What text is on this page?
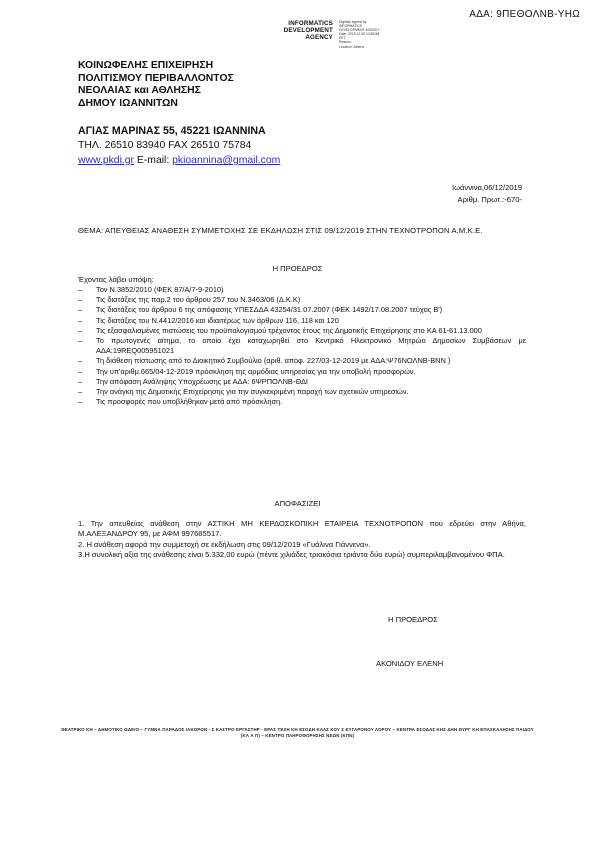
ΑΔΑ: 9ΠΕΘΟΛΝΒ-ΥΗΩ
INFORMATICS
DEVELOPMENT
AGENCY
Digitally signed by
INFORMATICS
DEVELOPMENT AGENCY
Date: 2019.12.06 13:55:58
EET
Reason:
Location: Athens
ΚΟΙΝΩΦΕΛΗΣ ΕΠΙΧΕΙΡΗΣΗ
ΠΟΛΙΤΙΣΜΟΥ ΠΕΡΙΒΑΛΛΟΝΤΟΣ
ΝΕΟΛΑΙΑΣ και ΑΘΛΗΣΗΣ
ΔΗΜΟΥ ΙΩΑΝΝΙΤΩΝ
ΑΓΙΑΣ ΜΑΡΙΝΑΣ 55, 45221 ΙΩΑΝΝΙΝΑ
ΤΗΛ. 26510 83940 FAX 26510 75784
www.pkdi.gr E-mail: pkioannina@gmail.com
Ιωάννινα,06/12/2019
Αριθμ. Πρωτ.:-670-
ΘΕΜΑ: ΑΠΕΥΘΕΙΑΣ ΑΝΑΘΕΣΗ ΣΥΜΜΕΤΟΧΗΣ ΣΕ ΕΚΔΗΛΩΣΗ ΣΤΙΣ 09/12/2019 ΣΤΗΝ ΤΕΧΝΟΤΡΟΠΟΝ Α.Μ.Κ.Ε.
Η ΠΡΟΕΔΡΟΣ
Έχοντας λάβει υπόψη:
– Τον Ν.3852/2010 (ΦΕΚ 87/Α/7-9-2010)
– Τις διατάξεις της παρ.2 του άρθρου 257 του Ν.3463/06 (Δ.Κ.Κ)
– Τις διατάξεις του άρθρου 6 της απόφασης ΥΠΕΣΔΔΑ 43254/31.07.2007 (ΦΕΚ 1492/17.08.2007 τεύχος Β')
– Τις διατάξεις του Ν.4412/2016 και ιδιαιτέρως των άρθρων 116, 118 και 120
– Τις εξασφαλισμένες πιστώσεις του προϋπολογισμού τρέχοντος έτους της Δημοτικής Επιχείρησης στο ΚΑ 61-61.13.000
– Το πρωτογενές αίτημα, το οποίο έχει καταχωρηθεί στο Κεντρικό Ηλεκτρονικό Μητρώο Δημοσίων Συμβάσεων με ΑΔΑ:19REQ005951021
– Τη διάθεση πίστωσης από το Διοικητικό Συμβούλιο (αριθ. αποφ. 227/03-12-2019 με ΑΔΑ:Ψ76ΝΟΛΝΒ-ΒΝΝ )
– Την υπ'αριθμ.665/04-12-2019 πρόσκληση της αρμόδιας υπηρεσίας για την υποβολή προσφορών.
– Την απόφαση Ανάληψης Υποχρέωσης με ΑΔΑ: 6ΨΡΠΟΛΝΒ-ΘΔΙ
– Την ανάγκη της Δημοτικής Επιχείρησης για την συγκεκριμένη παροχή των σχετικών υπηρεσιών.
– Τις προσφορές που υποβλήθηκαν μετά από πρόσκληση.
ΑΠΟΦΑΣΙΖΕΙ

1. Την απευθείας ανάθεση στην ΑΣΤΙΚΗ ΜΗ ΚΕΡΔΟΣΚΟΠΙΚΗ ΕΤΑΙΡΕΙΑ ΤΕΧΝΟΤΡΟΠΟΝ που εδρεύει στην Αθήνα, Μ.ΑΛΕΞΑΝΔΡΟΥ 95, με ΑΦΜ 997685517.

2. Η ανάθεση αφορά την συμμετοχή σε εκδήλωση στις 09/12/2019 «Γυάλινα Γιάννενα».

3.Η συνολική αξία της ανάθεσης είναι 5.332,00 ευρώ (πέντε χιλιάδες τριακόσια τριάντα δύο ευρώ) συμπεριλαμβανομένου ΦΠΑ.

Η ΠΡΟΕΔΡΟΣ
ΑΚΟΝΙΔΟΥ ΕΛΕΝΗ
ΘΕΑΤΡΙΚΟ ΚΗ – ΔΗΜΟΤΙΚΟ ΩΔΕΙΟ – ΓΥΜΝΑ ΠΑΡΑΔΟΣ ΙΑΚΟΡΩΝ - Σ ΚΑΣΤΡΟ ΕΡΓΑΣΤΗΡ - ΕΡΑΣ ΤΕΧΗ ΚΗ ΕΣΟΔΗ ΚΑΛΣ ΚΟΥ Σ ΕΥΓΑΡΟΝΟΥ ΛΟΡΟΥ – ΚΕΝΤΡΑ ΕΣΟΔΑΣ ΚΗΣ ΔΗΗ ΘΥΡΓ ΚΗ ΕΠΑΣΚΑΛΗΣΗΣ ΠΑΙΔΟΥ (ΚΑ Α Π) – ΚΕΝΤΡΟ ΠΛΗΡΟΦΟΡΗΣΗΣ ΝΕΩΝ (ΚΠΝ)
